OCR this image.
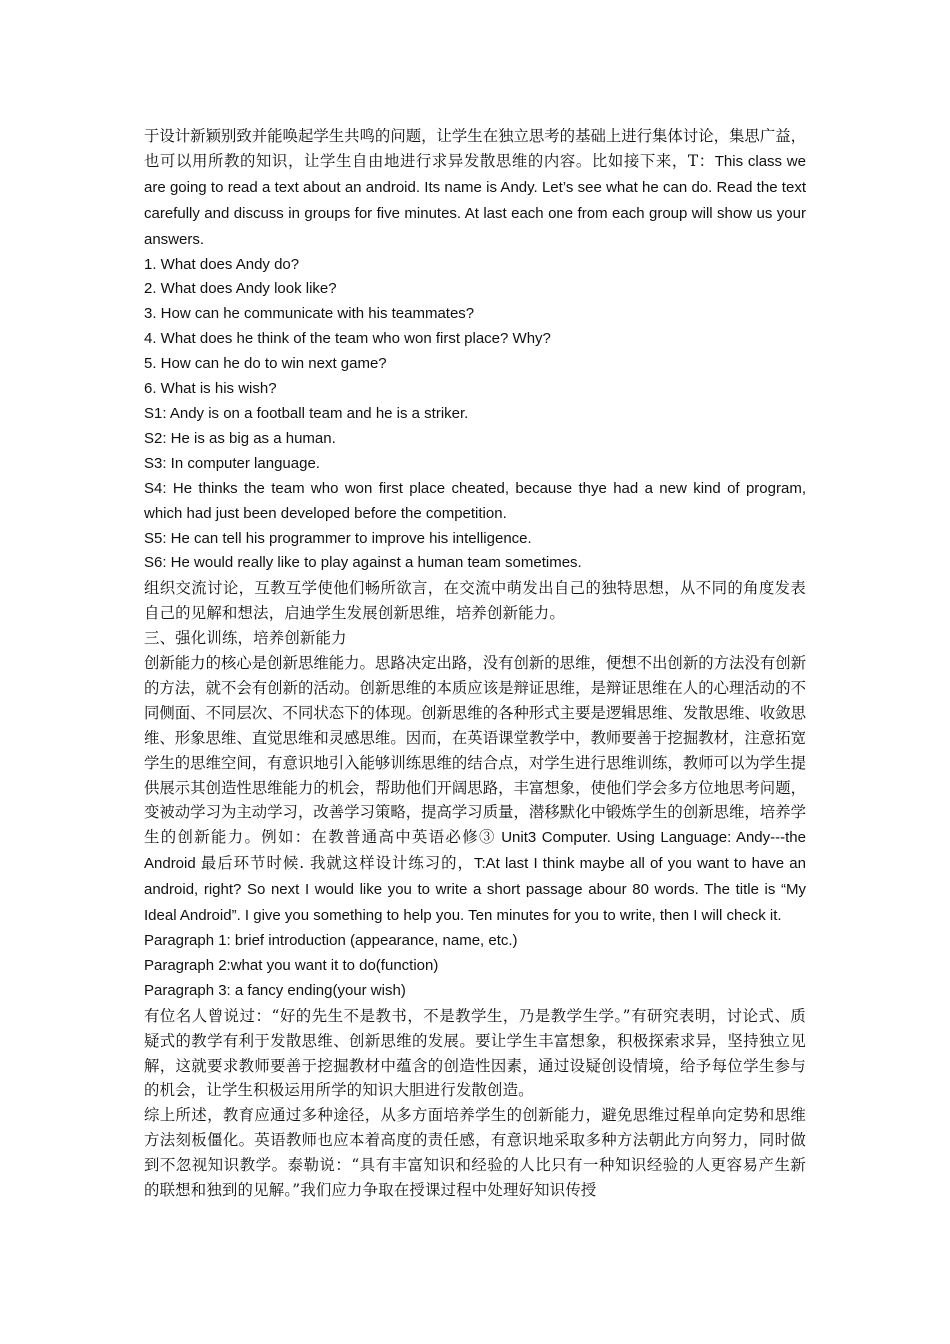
于设计新颖别致并能唤起学生共鸣的问题，让学生在独立思考的基础上进行集体讨论，集思广益，也可以用所教的知识，让学生自由地进行求异发散思维的内容。比如接下来，T：This class we are going to read a text about an android. Its name is Andy. Let’s see what he can do. Read the text carefully and discuss in groups for five minutes. At last each one from each group will show us your answers.

1. What does Andy do?

2. What does Andy look like?

3. How can he communicate with his teammates?

4. What does he think of the team who won first place? Why?

5. How can he do to win next game?

6. What is his wish?

S1: Andy is on a football team and he is a striker.

S2: He is as big as a human.

S3: In computer language.

S4: He thinks the team who won first place cheated, because thye had a new kind of program, which had just been developed before the competition.

S5: He can tell his programmer to improve his intelligence.

S6: He would really like to play against a human team sometimes.

组织交流讨论，互教互学使他们畅所欲言，在交流中萌发出自己的独特思想，从不同的角度发表自己的见解和想法，启迪学生发展创新思维，培养创新能力。

三、强化训练，培养创新能力

创新能力的核心是创新思维能力。思路决定出路，没有创新的思维，便想不出创新的方法没有创新的方法，就不会有创新的活动。创新思维的本质应该是辩证思维，是辩证思维在人的心理活动的不同侧面、不同层次、不同状态下的体现。创新思维的各种形式主要是逻辑思维、发散思维、收敛思维、形象思维、直觉思维和灵感思维。因而，在英语课堂教学中，教师要善于挖掘教材，注意拓宽学生的思维空间，有意识地引入能够训练思维的结合点，对学生进行思维训练，教师可以为学生提供展示其创造性思维能力的机会，帮助他们开阔思路，丰富想象，使他们学会多方位地思考问题，变被动学习为主动学习，改善学习策略，提高学习质量，潜移默化中锻炼学生的创新思维，培养学生的创新能力。例如：在教普通高中英语必修③ Unit3 Computer. Using Language: Andy---the Android 最后环节时候. 我就这样设计练习的，T:At last I think maybe all of you want to have an android, right? So next I would like you to write a short passage abour 80 words. The title is “My Ideal Android”. I give you something to help you. Ten minutes for you to write, then I will check it.

Paragraph 1: brief introduction (appearance, name, etc.)

Paragraph 2:what you want it to do(function)

Paragraph 3: a fancy ending(your wish)

有位名人曾说过：“好的先生不是教书，不是教学生，乃是教学生学。”有研究表明，讨论式、质疑式的教学有利于发散思维、创新思维的发展。要让学生丰富想象，积极探索求异，坚持独立见解，这就要求教师要善于挖掘教材中蕴含的创造性因素，通过设疑创设情境，给予每位学生参与的机会，让学生积极运用所学的知识大胆进行发散创造。

综上所述，教育应通过多种途径，从多方面培养学生的创新能力，避免思维过程单向定势和思维方法刻板僵化。英语教师也应本着高度的责任感，有意识地采取多种方法朝此方向努力，同时做到不忽视知识教学。泰勒说：“具有丰富知识和经验的人比只有一种知识经验的人更容易产生新的联想和独到的见解。”我们应力争取在授课过程中处理好知识传授
